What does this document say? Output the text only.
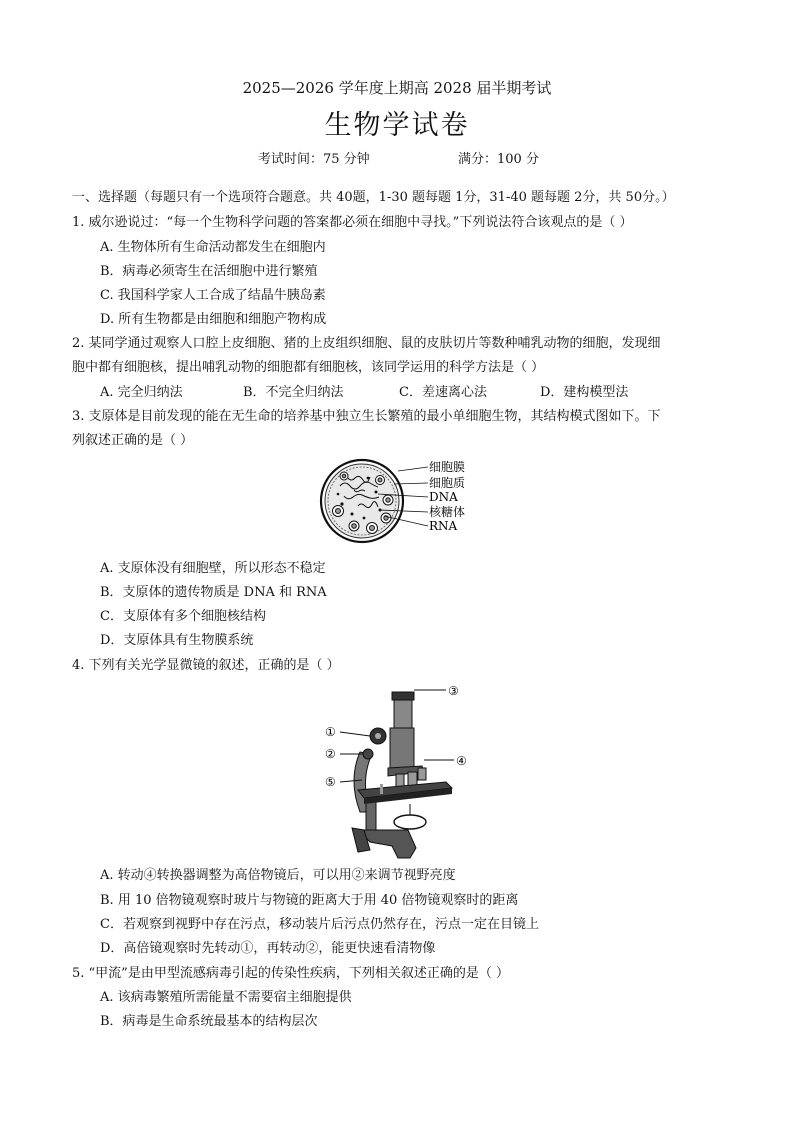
2025—2026 学年度上期高 2028 届半期考试
生物学试卷
考试时间：75 分钟	满分：100 分
一、选择题（每题只有一个选项符合题意。共 40题，1-30 题每题 1分，31-40 题每题 2分，共 50分。）
1. 威尔逊说过：“每一个生物科学问题的答案都必须在细胞中寻找。”下列说法符合该观点的是（ ）
A. 生物体所有生命活动都发生在细胞内
B．病毒必须寄生在活细胞中进行繁殖
C. 我国科学家人工合成了结晶牛胰岛素
D. 所有生物都是由细胞和细胞产物构成
2. 某同学通过观察人口腔上皮细胞、猪的上皮组织细胞、鼠的皮肤切片等数种哺乳动物的细胞，发现细
胞中都有细胞核，提出哺乳动物的细胞都有细胞核，该同学运用的科学方法是（ ）
A. 完全归纳法	B．不完全归纳法	C．差速离心法	D．建构模型法
3. 支原体是目前发现的能在无生命的培养基中独立生长繁殖的最小单细胞生物，其结构模式图如下。下
列叙述正确的是（ ）
细胞膜
细胞质
DNA
核糖体
RNA
A. 支原体没有细胞壁，所以形态不稳定
B．支原体的遗传物质是 DNA 和 RNA
C．支原体有多个细胞核结构
D．支原体具有生物膜系统
4. 下列有关光学显微镜的叙述，正确的是（ ）
③
①
②	④
⑤
A. 转动④转换器调整为高倍物镜后，可以用②来调节视野亮度
B. 用 10 倍物镜观察时玻片与物镜的距离大于用 40 倍物镜观察时的距离
C．若观察到视野中存在污点，移动装片后污点仍然存在，污点一定在目镜上
D．高倍镜观察时先转动①，再转动②，能更快速看清物像
5. “甲流”是由甲型流感病毒引起的传染性疾病，下列相关叙述正确的是（ ）
A. 该病毒繁殖所需能量不需要宿主细胞提供
B．病毒是生命系统最基本的结构层次
